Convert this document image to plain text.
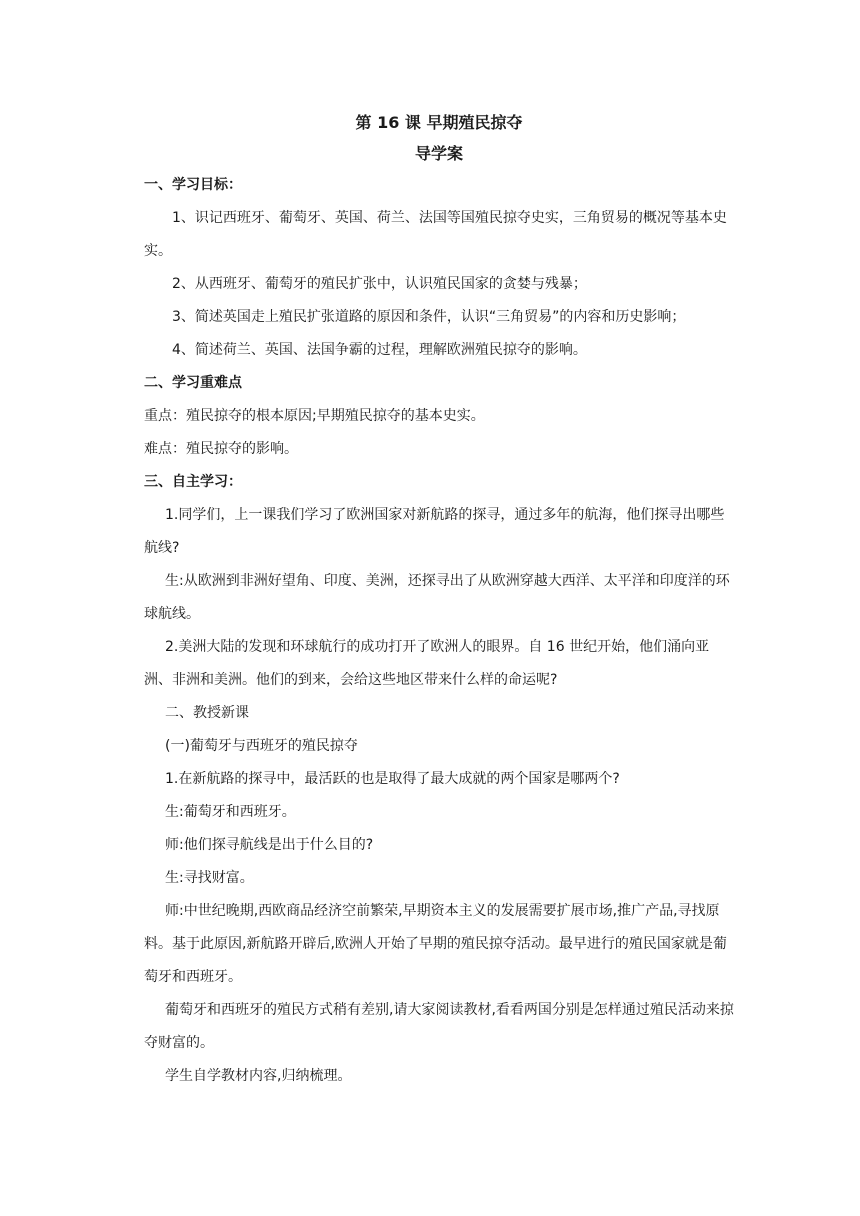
第 16 课 早期殖民掠夺

导学案

一、学习目标：

1、识记西班牙、葡萄牙、英国、荷兰、法国等国殖民掠夺史实，三角贸易的概况等基本史实。

2、从西班牙、葡萄牙的殖民扩张中，认识殖民国家的贪婪与残暴；

3、简述英国走上殖民扩张道路的原因和条件，认识“三角贸易”的内容和历史影响；

4、简述荷兰、英国、法国争霸的过程，理解欧洲殖民掠夺的影响。

二、学习重难点

重点：殖民掠夺的根本原因;早期殖民掠夺的基本史实。

难点：殖民掠夺的影响。

三、自主学习：

1.同学们，上一课我们学习了欧洲国家对新航路的探寻，通过多年的航海，他们探寻出哪些航线?

生:从欧洲到非洲好望角、印度、美洲，还探寻出了从欧洲穿越大西洋、太平洋和印度洋的环球航线。

2.美洲大陆的发现和环球航行的成功打开了欧洲人的眼界。自 16 世纪开始，他们涌向亚洲、非洲和美洲。他们的到来，会给这些地区带来什么样的命运呢?

二、教授新课

(一)葡萄牙与西班牙的殖民掠夺

1.在新航路的探寻中，最活跃的也是取得了最大成就的两个国家是哪两个?

生:葡萄牙和西班牙。

师:他们探寻航线是出于什么目的?

生:寻找财富。

师:中世纪晚期,西欧商品经济空前繁荣,早期资本主义的发展需要扩展市场,推广产品,寻找原料。基于此原因,新航路开辟后,欧洲人开始了早期的殖民掠夺活动。最早进行的殖民国家就是葡萄牙和西班牙。

葡萄牙和西班牙的殖民方式稍有差别,请大家阅读教材,看看两国分别是怎样通过殖民活动来掠夺财富的。

学生自学教材内容,归纳梳理。
